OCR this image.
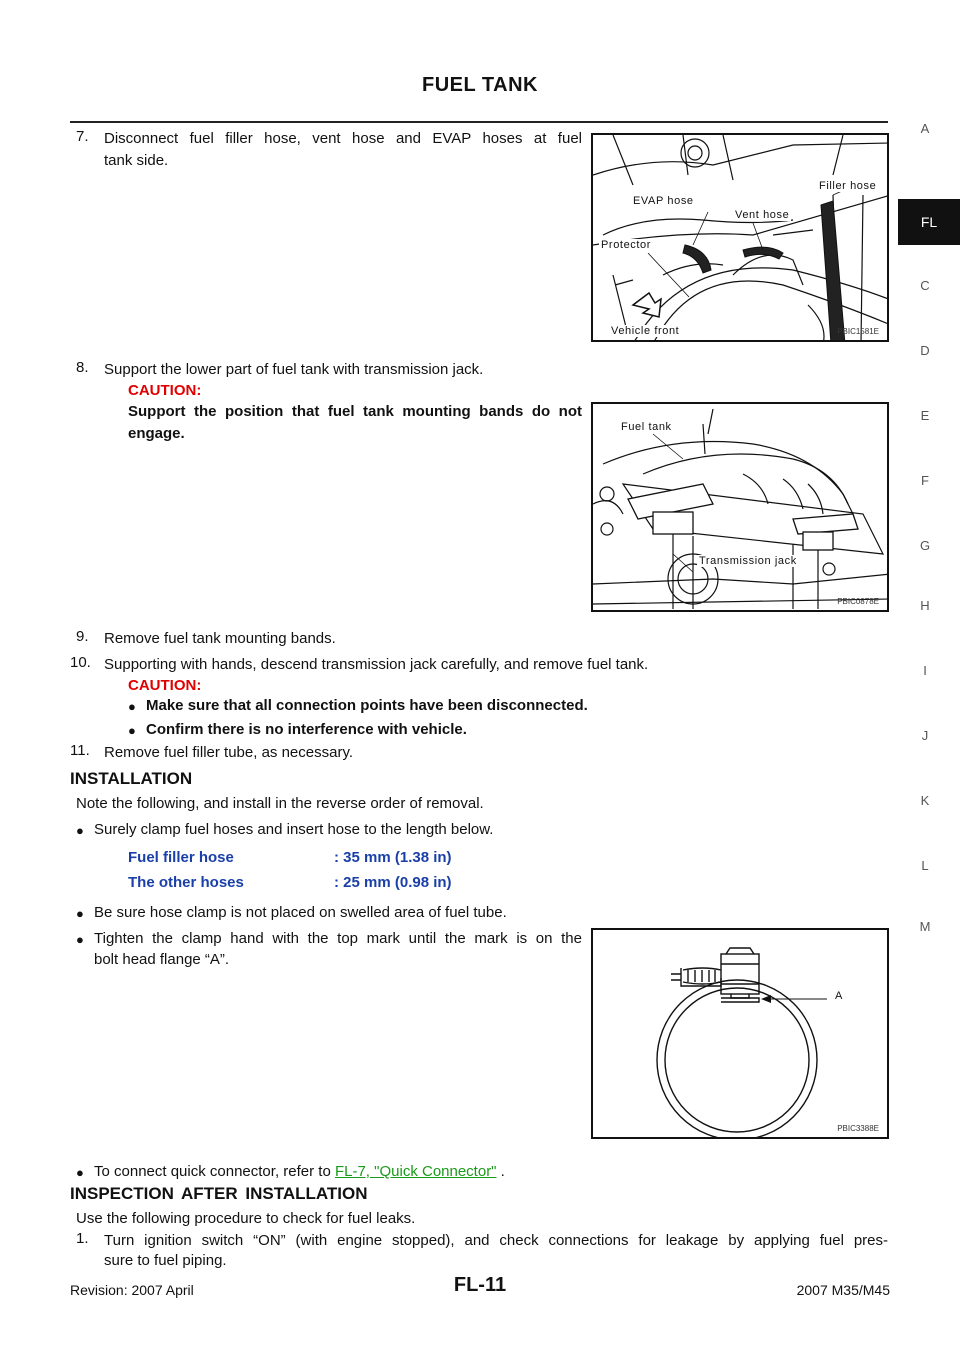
FUEL TANK
A
FL
C
D
E
F
G
H
I
J
K
L
M
7. Disconnect fuel filler hose, vent hose and EVAP hoses at fuel
tank side.
Filler hose
EVAP hose
Vent hose
Protector
Vehicle front	PBIC1581E
8. Support the lower part of fuel tank with transmission jack.
CAUTION:
Support the position that fuel tank mounting bands do not
engage.	Fuel tank
Transmission jack
PBIC0878E
9. Remove fuel tank mounting bands.
10. Supporting with hands, descend transmission jack carefully, and remove fuel tank.
CAUTION:
● Make sure that all connection points have been disconnected.
● Confirm there is no interference with vehicle.
11. Remove fuel filler tube, as necessary.
INSTALLATION
Note the following, and install in the reverse order of removal.
● Surely clamp fuel hoses and insert hose to the length below.
Fuel filler hose	: 35 mm (1.38 in)
The other hoses	: 25 mm (0.98 in)
● Be sure hose clamp is not placed on swelled area of fuel tube.
● Tighten the clamp hand with the top mark until the mark is on the
bolt head flange “A”.
A
PBIC3388E
● To connect quick connector, refer to FL-7, "Quick Connector" .
INSPECTION AFTER INSTALLATION
Use the following procedure to check for fuel leaks.
1. Turn ignition switch “ON” (with engine stopped), and check connections for leakage by applying fuel pres-
sure to fuel piping.
Revision: 2007 April	FL-11	2007 M35/M45
